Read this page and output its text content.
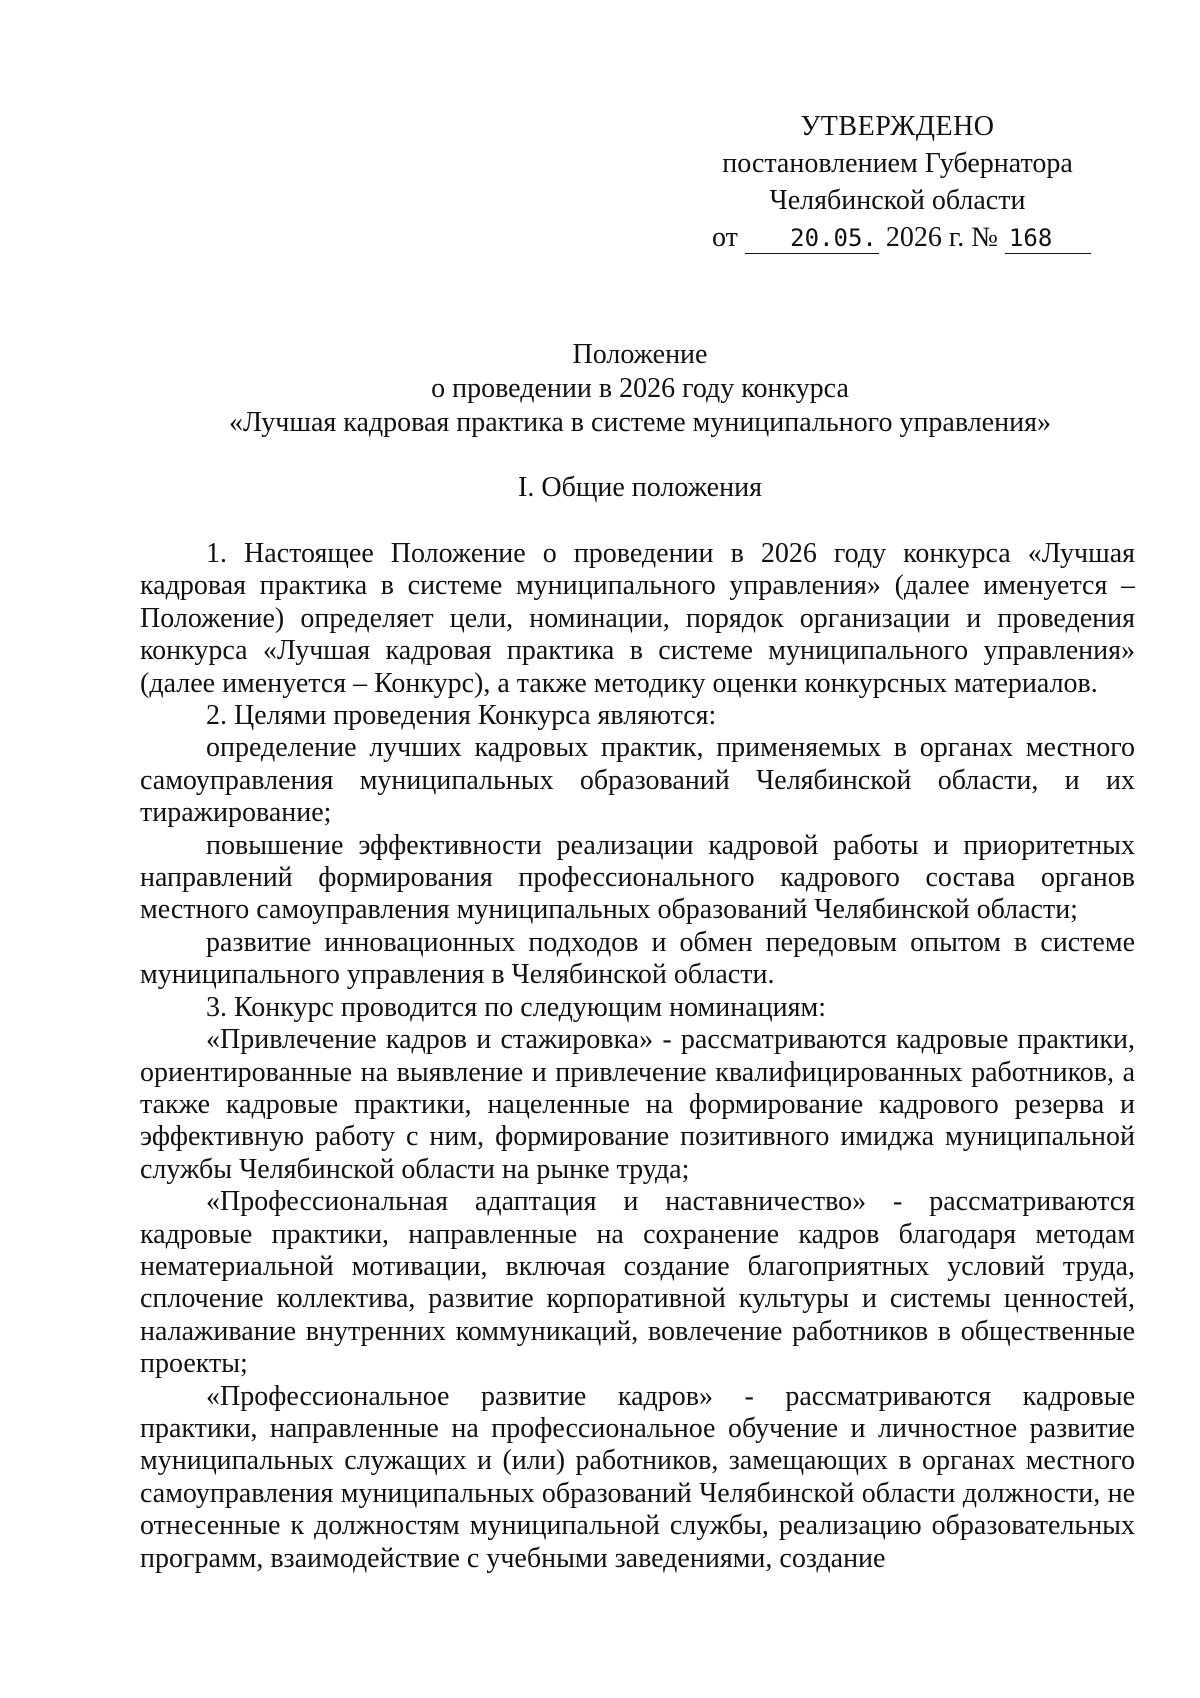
УТВЕРЖДЕНО
постановлением Губернатора
Челябинской области
от 20.05. 2026 г. № 168
Положение
о проведении в 2026 году конкурса
«Лучшая кадровая практика в системе муниципального управления»
I. Общие положения

1. Настоящее Положение о проведении в 2026 году конкурса «Лучшая кадровая практика в системе муниципального управления» (далее именуется – Положение) определяет цели, номинации, порядок организации и проведения конкурса «Лучшая кадровая практика в системе муниципального управления» (далее именуется – Конкурс), а также методику оценки конкурсных материалов.

2. Целями проведения Конкурса являются:

определение лучших кадровых практик, применяемых в органах местного самоуправления муниципальных образований Челябинской области, и их тиражирование;

повышение эффективности реализации кадровой работы и приоритетных направлений формирования профессионального кадрового состава органов местного самоуправления муниципальных образований Челябинской области;

развитие инновационных подходов и обмен передовым опытом в системе муниципального управления в Челябинской области.

3. Конкурс проводится по следующим номинациям:

«Привлечение кадров и стажировка» - рассматриваются кадровые практики, ориентированные на выявление и привлечение квалифицированных работников, а также кадровые практики, нацеленные на формирование кадрового резерва и эффективную работу с ним, формирование позитивного имиджа муниципальной службы Челябинской области на рынке труда;

«Профессиональная адаптация и наставничество» - рассматриваются кадровые практики, направленные на сохранение кадров благодаря методам нематериальной мотивации, включая создание благоприятных условий труда, сплочение коллектива, развитие корпоративной культуры и системы ценностей, налаживание внутренних коммуникаций, вовлечение работников в общественные проекты;

«Профессиональное развитие кадров» - рассматриваются кадровые практики, направленные на профессиональное обучение и личностное развитие муниципальных служащих и (или) работников, замещающих в органах местного самоуправления муниципальных образований Челябинской области должности, не отнесенные к должностям муниципальной службы, реализацию образовательных программ, взаимодействие с учебными заведениями, создание
